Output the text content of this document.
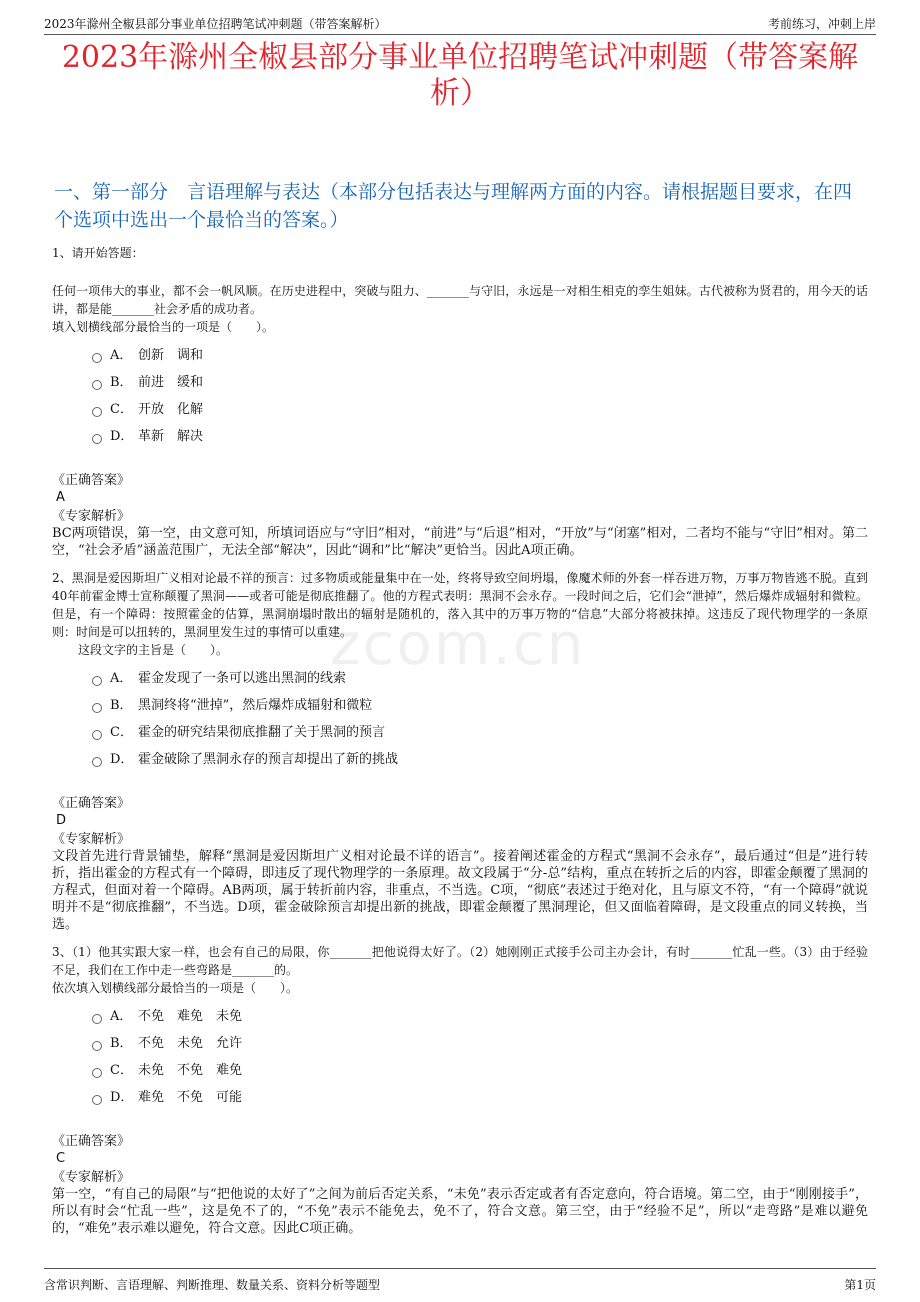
2023年滁州全椒县部分事业单位招聘笔试冲刺题（带答案解析）	考前练习，冲刺上岸
2023年滁州全椒县部分事业单位招聘笔试冲刺题（带答案解析）
一、第一部分　言语理解与表达（本部分包括表达与理解两方面的内容。请根据题目要求，在四个选项中选出一个最恰当的答案。）
zcom.cn

1、请开始答题：

任何一项伟大的事业，都不会一帆风顺。在历史进程中，突破与阻力、_______与守旧，永远是一对相生相克的孪生姐妹。古代被称为贤君的，用今天的话讲，都是能_______社会矛盾的成功者。

填入划横线部分最恰当的一项是（　　）。

A． 创新　调和
B． 前进　缓和
C． 开放　化解
D． 革新　解决
《正确答案》
A
《专家解析》
BC两项错误，第一空，由文意可知，所填词语应与“守旧”相对，“前进”与“后退”相对，“开放”与“闭塞”相对，二者均不能与“守旧”相对。第二空，“社会矛盾”涵盖范围广，无法全部“解决”，因此“调和”比“解决”更恰当。因此A项正确。

2、黑洞是爱因斯坦广义相对论最不祥的预言：过多物质或能量集中在一处，终将导致空间坍塌，像魔术师的外套一样吞进万物，万事万物皆逃不脱。直到40年前霍金博士宣称颠覆了黑洞——或者可能是彻底推翻了。他的方程式表明：黑洞不会永存。一段时间之后，它们会“泄掉”，然后爆炸成辐射和微粒。但是，有一个障碍：按照霍金的估算，黑洞崩塌时散出的辐射是随机的，落入其中的万事万物的“信息”大部分将被抹掉。这违反了现代物理学的一条原则：时间是可以扭转的，黑洞里发生过的事情可以重建。

这段文字的主旨是（　　）。

A． 霍金发现了一条可以逃出黑洞的线索
B． 黑洞终将“泄掉”，然后爆炸成辐射和微粒
C． 霍金的研究结果彻底推翻了关于黑洞的预言
D． 霍金破除了黑洞永存的预言却提出了新的挑战
《正确答案》
D
《专家解析》
文段首先进行背景铺垫，解释“黑洞是爱因斯坦广义相对论最不详的语言”。接着阐述霍金的方程式“黑洞不会永存”，最后通过“但是”进行转折，指出霍金的方程式有一个障碍，即违反了现代物理学的一条原理。故文段属于“分-总”结构，重点在转折之后的内容，即霍金颠覆了黑洞的方程式，但面对着一个障碍。AB两项，属于转折前内容，非重点，不当选。C项，“彻底”表述过于绝对化，且与原文不符，“有一个障碍”就说明并不是“彻底推翻”，不当选。D项，霍金破除预言却提出新的挑战，即霍金颠覆了黑洞理论，但又面临着障碍，是文段重点的同义转换，当选。

3、（1）他其实跟大家一样，也会有自己的局限，你_______把他说得太好了。（2）她刚刚正式接手公司主办会计，有时_______忙乱一些。（3）由于经验不足，我们在工作中走一些弯路是_______的。

依次填入划横线部分最恰当的一项是（　　）。

A． 不免　难免　未免
B． 不免　未免　允许
C． 未免　不免　难免
D． 难免　不免　可能
《正确答案》
C
《专家解析》
第一空，“有自己的局限”与“把他说的太好了”之间为前后否定关系，“未免”表示否定或者有否定意向，符合语境。第二空，由于“刚刚接手”，所以有时会“忙乱一些”，这是免不了的，“不免”表示不能免去，免不了，符合文意。第三空，由于“经验不足”，所以“走弯路”是难以避免的，“难免”表示难以避免，符合文意。因此C项正确。
含常识判断、言语理解、判断推理、数量关系、资料分析等题型	第1页
